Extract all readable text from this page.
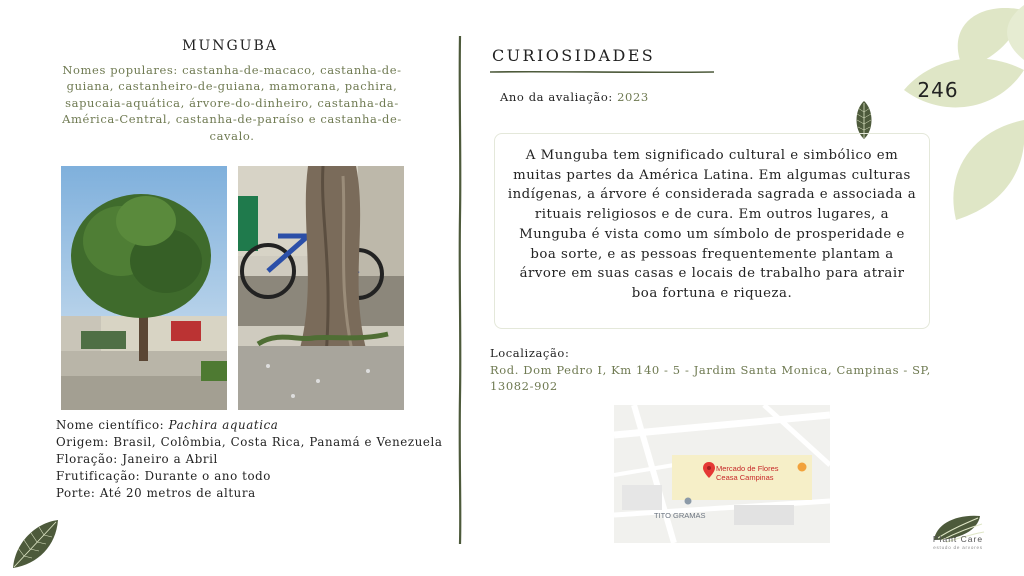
MUNGUBA
Nomes populares: castanha-de-macaco, castanha-de-guiana, castanheiro-de-guiana, mamorana, pachira, sapucaia-aquática, árvore-do-dinheiro, castanha-da-América-Central, castanha-de-paraíso e castanha-de-cavalo.
Nome científico: Pachira aquatica
Origem: Brasil, Colômbia, Costa Rica, Panamá e Venezuela
Floração: Janeiro a Abril
Frutificação: Durante o ano todo
Porte: Até 20 metros de altura
CURIOSIDADES
Ano da avaliação: 2023	246
A Munguba tem significado cultural e simbólico em muitas partes da América Latina. Em algumas culturas indígenas, a árvore é considerada sagrada e associada a rituais religiosos e de cura. Em outros lugares, a Munguba é vista como um símbolo de prosperidade e boa sorte, e as pessoas frequentemente plantam a árvore em suas casas e locais de trabalho para atrair boa fortuna e riqueza.
Localização:
Rod. Dom Pedro I, Km 140 - 5 - Jardim Santa Monica, Campinas - SP, 13082-902
Mercado de Flores
Ceasa Campinas
TITO GRAMAS
Plant Care
estudo de arvores
